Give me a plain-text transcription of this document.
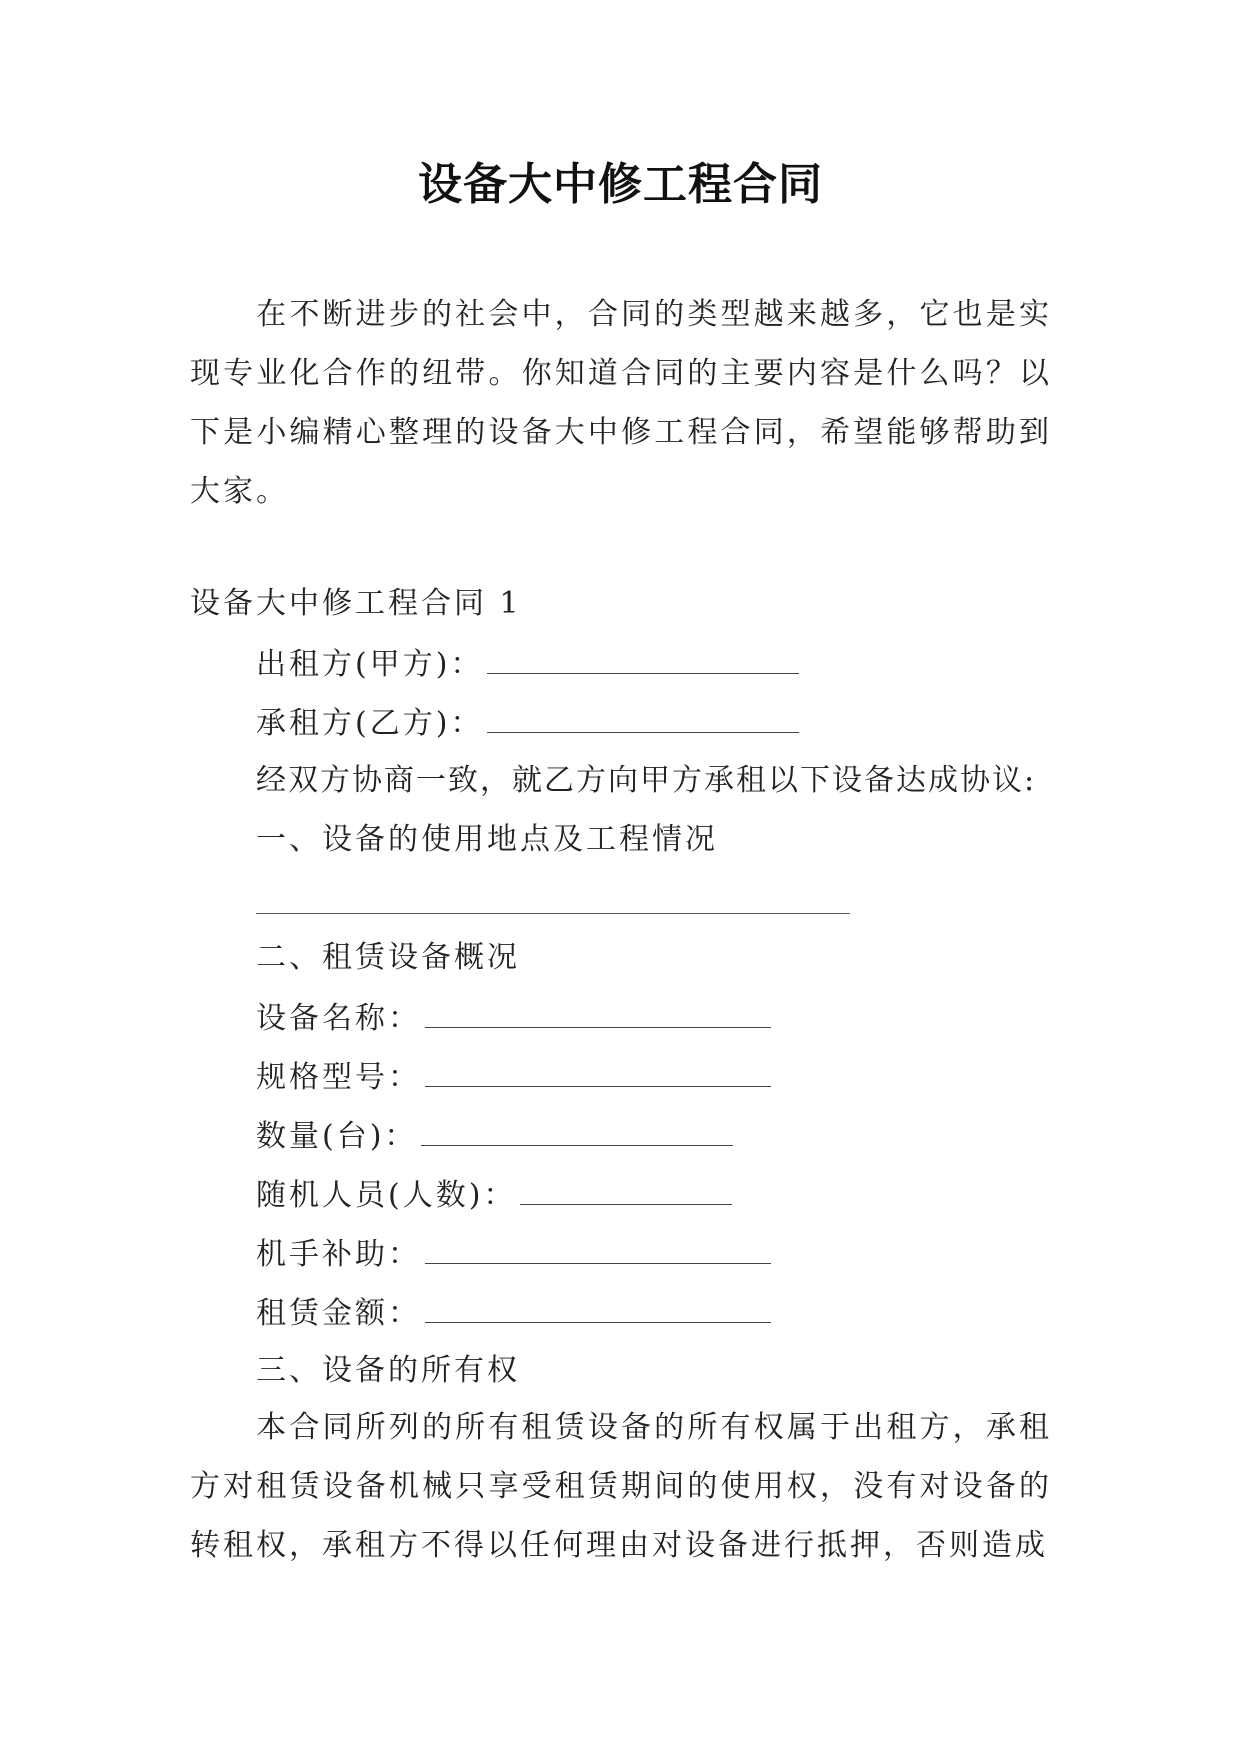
设备大中修工程合同

在不断进步的社会中，合同的类型越来越多，它也是实现专业化合作的纽带。你知道合同的主要内容是什么吗？以下是小编精心整理的设备大中修工程合同，希望能够帮助到大家。

设备大中修工程合同 1

出租方(甲方)：

承租方(乙方)：

经双方协商一致，就乙方向甲方承租以下设备达成协议:

一、设备的使用地点及工程情况

二、租赁设备概况

设备名称：

规格型号：

数量(台)：

随机人员(人数)：

机手补助：

租赁金额：

三、设备的所有权

本合同所列的所有租赁设备的所有权属于出租方，承租方对租赁设备机械只享受租赁期间的使用权，没有对设备的转租权，承租方不得以任何理由对设备进行抵押，否则造成
